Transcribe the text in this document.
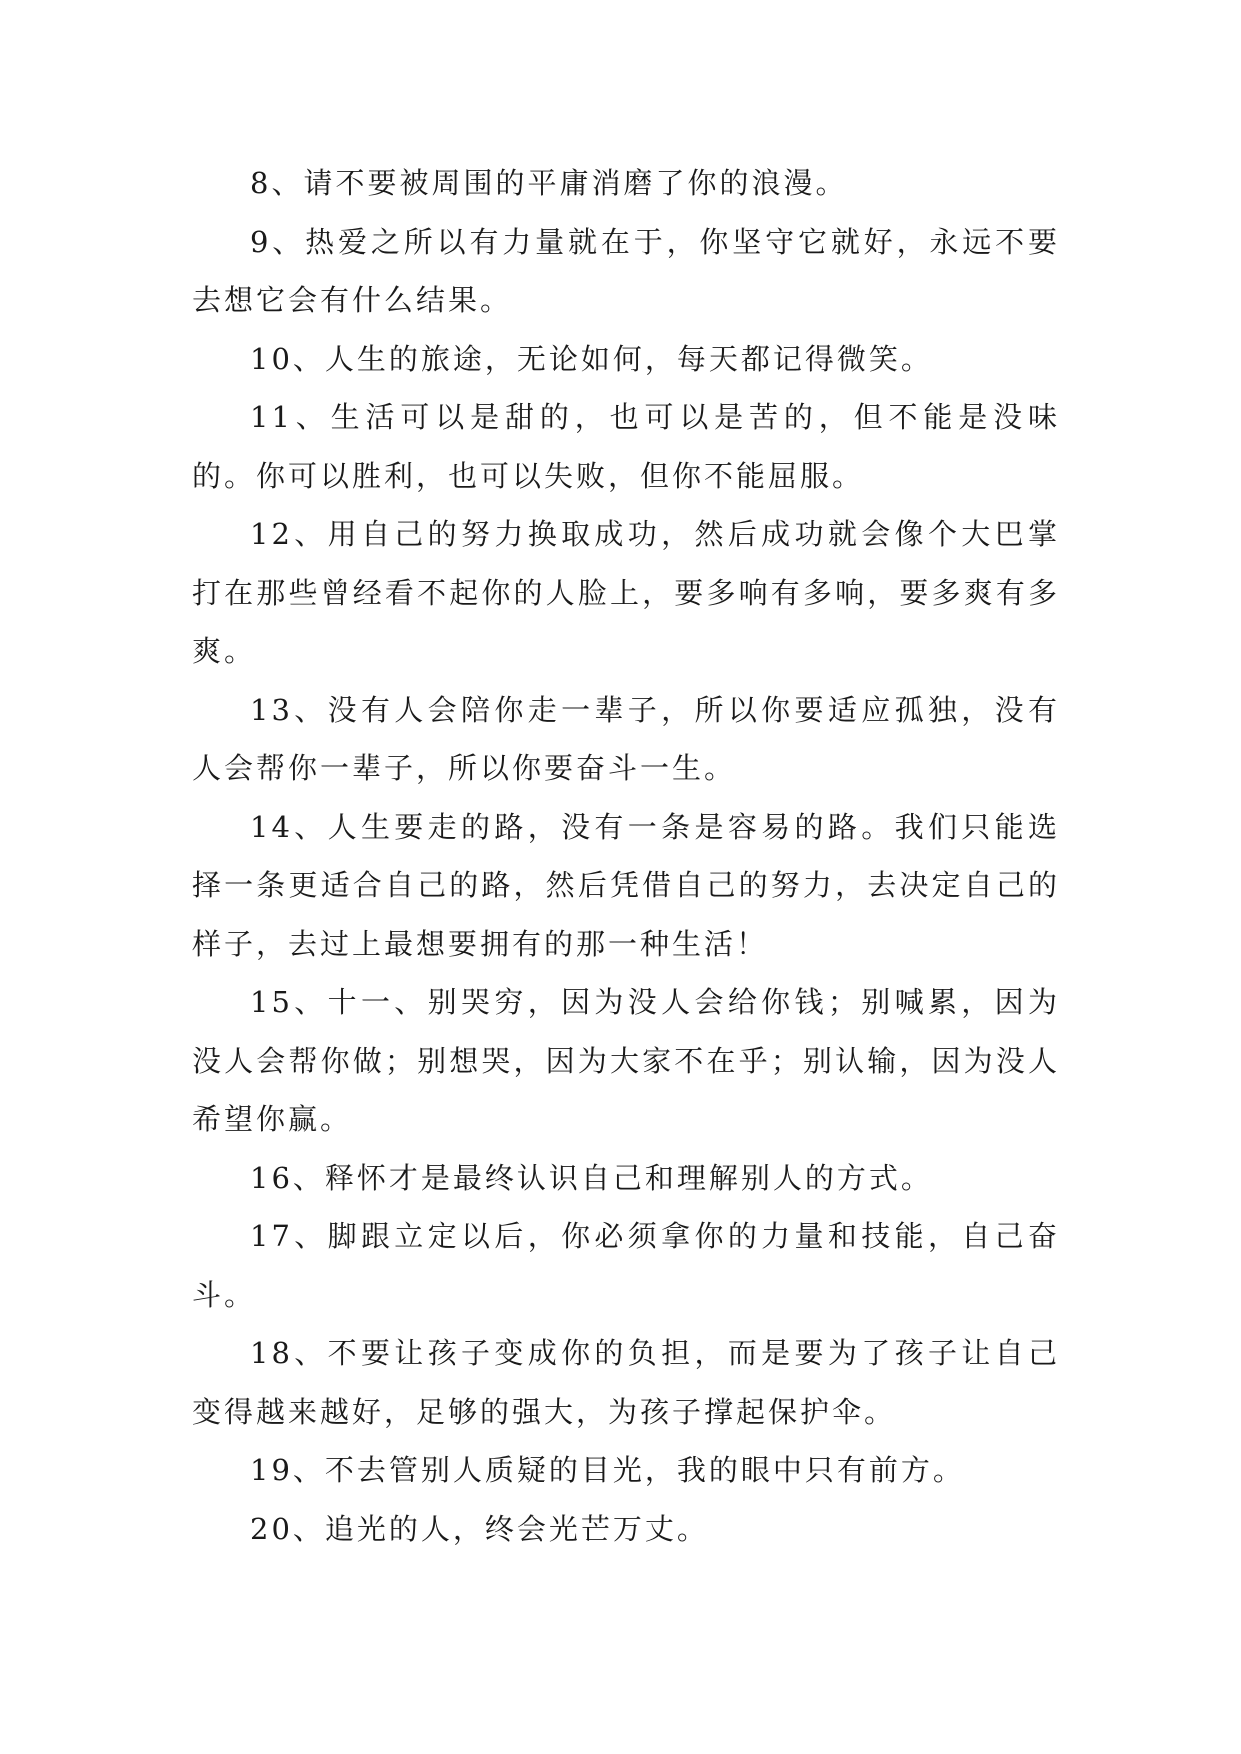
8、请不要被周围的平庸消磨了你的浪漫。

9、热爱之所以有力量就在于，你坚守它就好，永远不要去想它会有什么结果。

10、人生的旅途，无论如何，每天都记得微笑。

11、生活可以是甜的，也可以是苦的，但不能是没味的。你可以胜利，也可以失败，但你不能屈服。

12、用自己的努力换取成功，然后成功就会像个大巴掌打在那些曾经看不起你的人脸上，要多响有多响，要多爽有多爽。

13、没有人会陪你走一辈子，所以你要适应孤独，没有人会帮你一辈子，所以你要奋斗一生。

14、人生要走的路，没有一条是容易的路。我们只能选择一条更适合自己的路，然后凭借自己的努力，去决定自己的样子，去过上最想要拥有的那一种生活！

15、十一、别哭穷，因为没人会给你钱；别喊累，因为没人会帮你做；别想哭，因为大家不在乎；别认输，因为没人希望你赢。

16、释怀才是最终认识自己和理解别人的方式。

17、脚跟立定以后，你必须拿你的力量和技能，自己奋斗。

18、不要让孩子变成你的负担，而是要为了孩子让自己变得越来越好，足够的强大，为孩子撑起保护伞。

19、不去管别人质疑的目光，我的眼中只有前方。

20、追光的人，终会光芒万丈。
